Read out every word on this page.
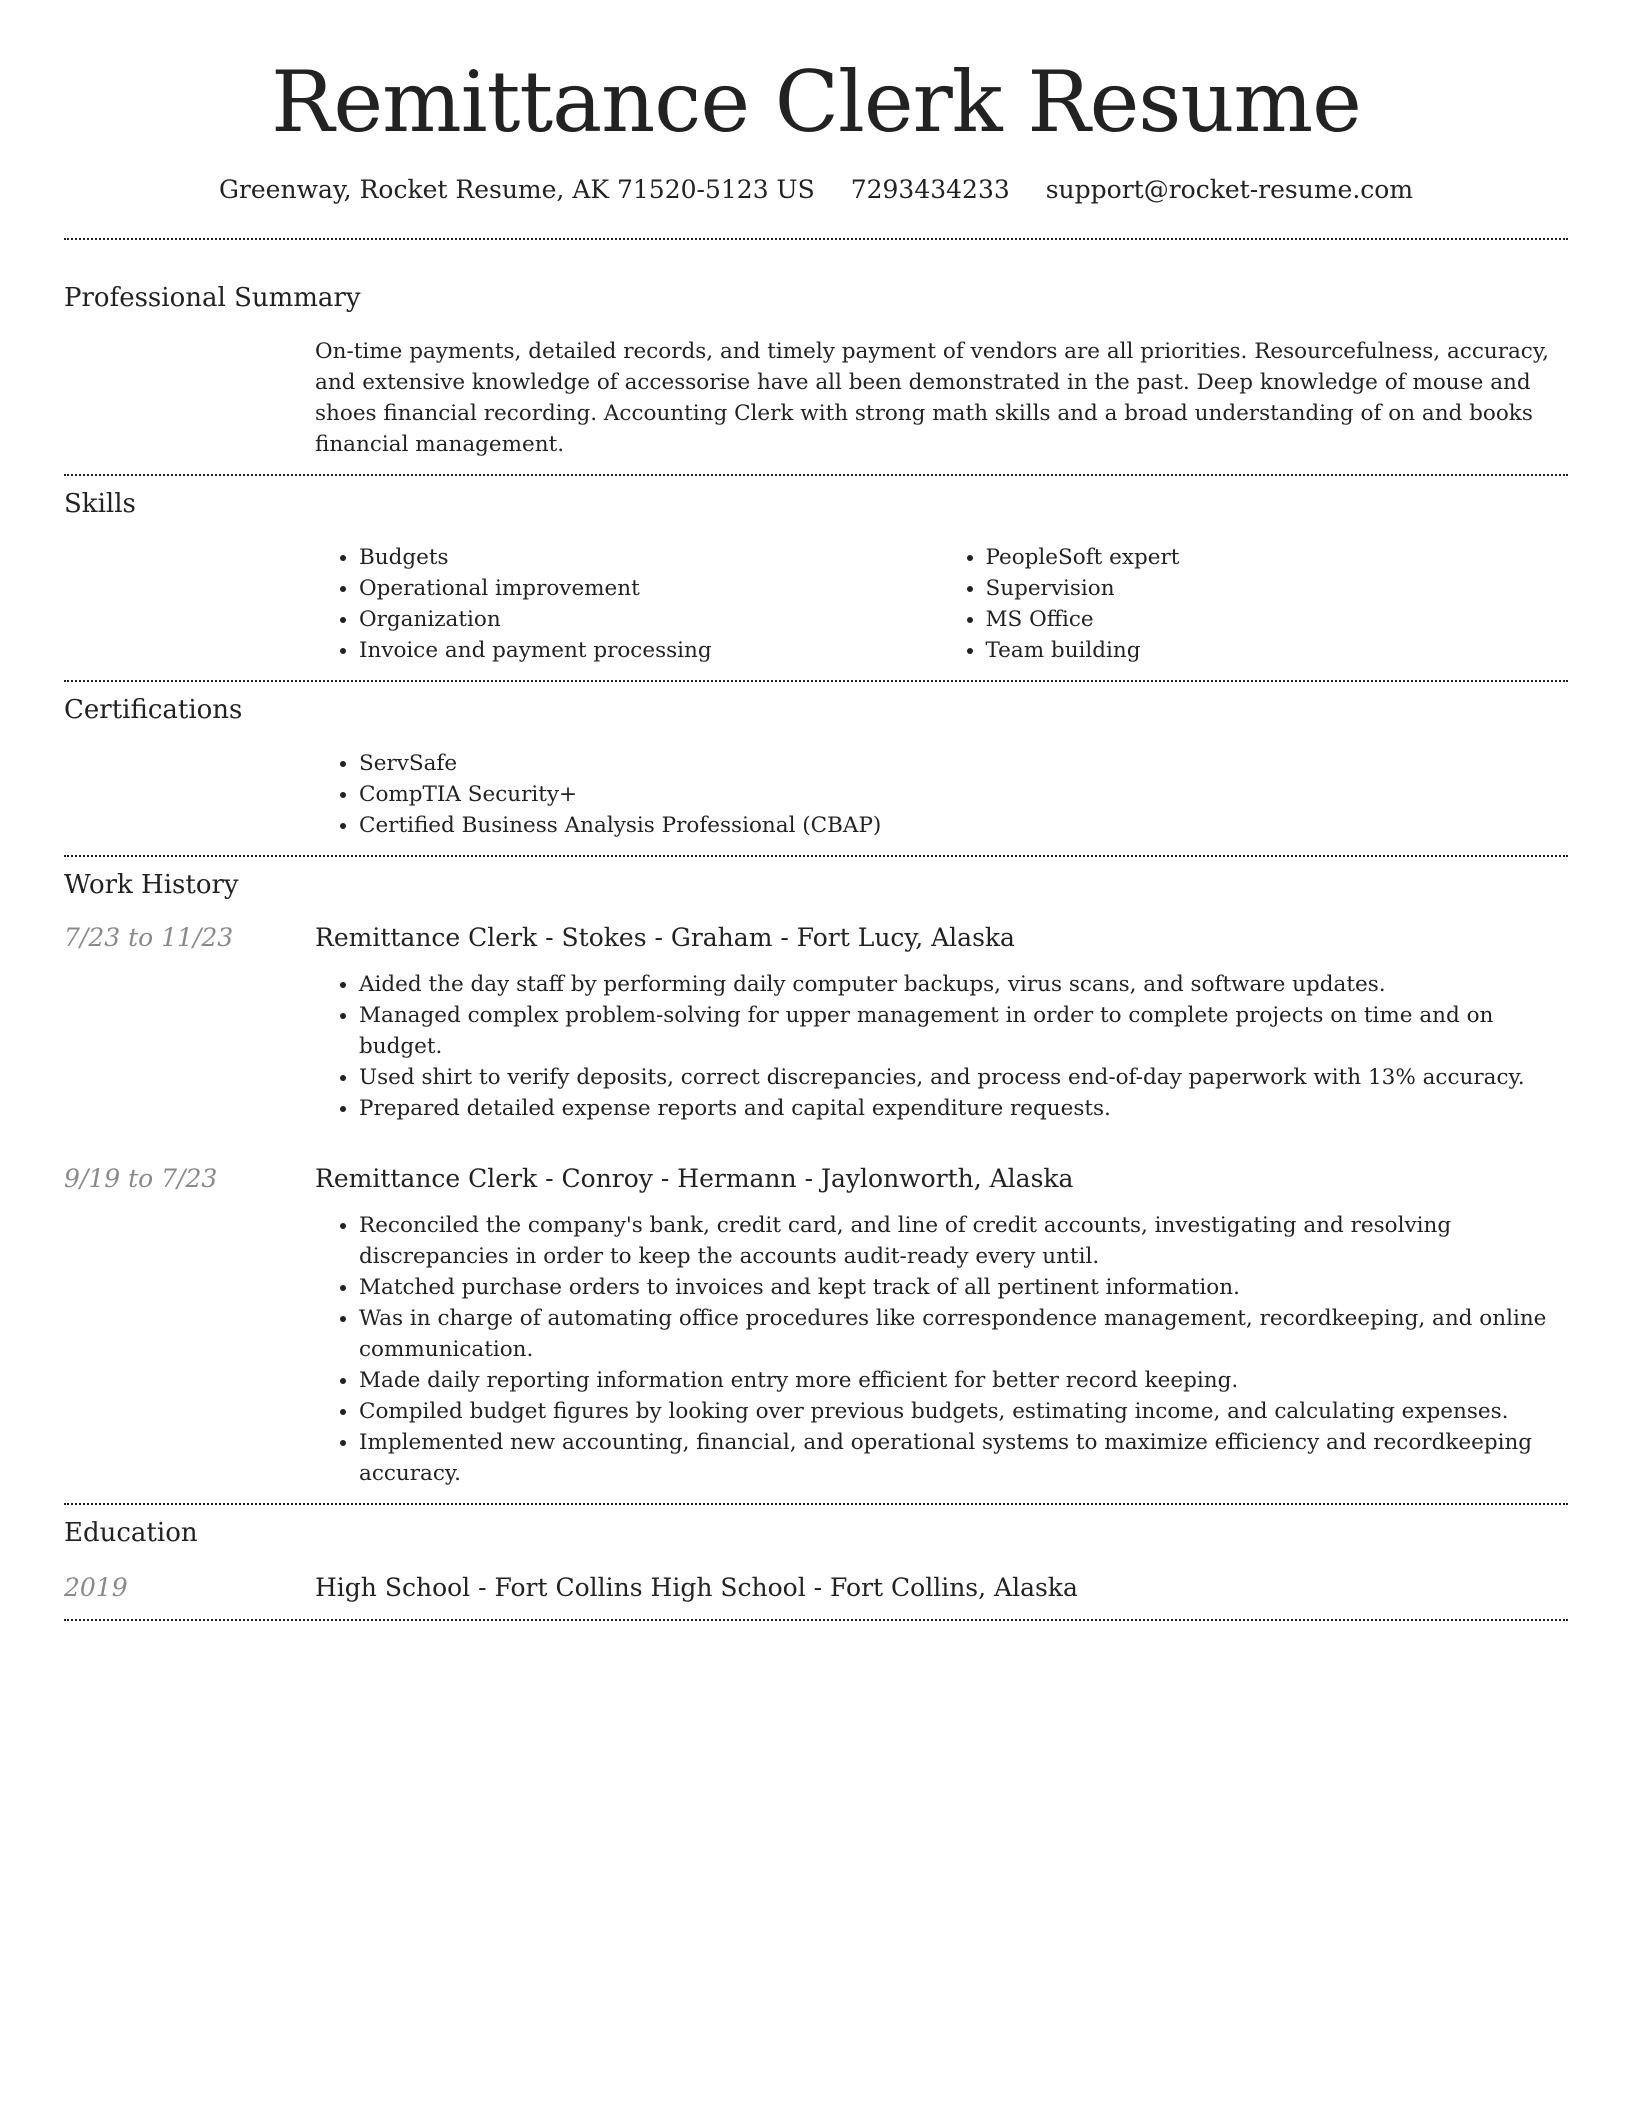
Remittance Clerk Resume
Greenway, Rocket Resume, AK 71520-5123 US 7293434233 support@rocket-resume.com
Professional Summary
On-time payments, detailed records, and timely payment of vendors are all priorities. Resourcefulness, accuracy, and extensive knowledge of accessorise have all been demonstrated in the past. Deep knowledge of mouse and shoes financial recording. Accounting Clerk with strong math skills and a broad understanding of on and books financial management.
Skills
• Budgets
• Operational improvement
• Organization
• Invoice and payment processing
• PeopleSoft expert
• Supervision
• MS Office
• Team building
Certifications
• ServSafe
• CompTIA Security+
• Certified Business Analysis Professional (CBAP)
Work History
7/23 to 11/23	Remittance Clerk - Stokes - Graham - Fort Lucy, Alaska
• Aided the day staff by performing daily computer backups, virus scans, and software updates.
• Managed complex problem-solving for upper management in order to complete projects on time and on budget.
• Used shirt to verify deposits, correct discrepancies, and process end-of-day paperwork with 13% accuracy.
• Prepared detailed expense reports and capital expenditure requests.
9/19 to 7/23	Remittance Clerk - Conroy - Hermann - Jaylonworth, Alaska
• Reconciled the company's bank, credit card, and line of credit accounts, investigating and resolving discrepancies in order to keep the accounts audit-ready every until.
• Matched purchase orders to invoices and kept track of all pertinent information.
• Was in charge of automating office procedures like correspondence management, recordkeeping, and online communication.
• Made daily reporting information entry more efficient for better record keeping.
• Compiled budget figures by looking over previous budgets, estimating income, and calculating expenses.
• Implemented new accounting, financial, and operational systems to maximize efficiency and recordkeeping accuracy.
Education
2019	High School - Fort Collins High School - Fort Collins, Alaska
